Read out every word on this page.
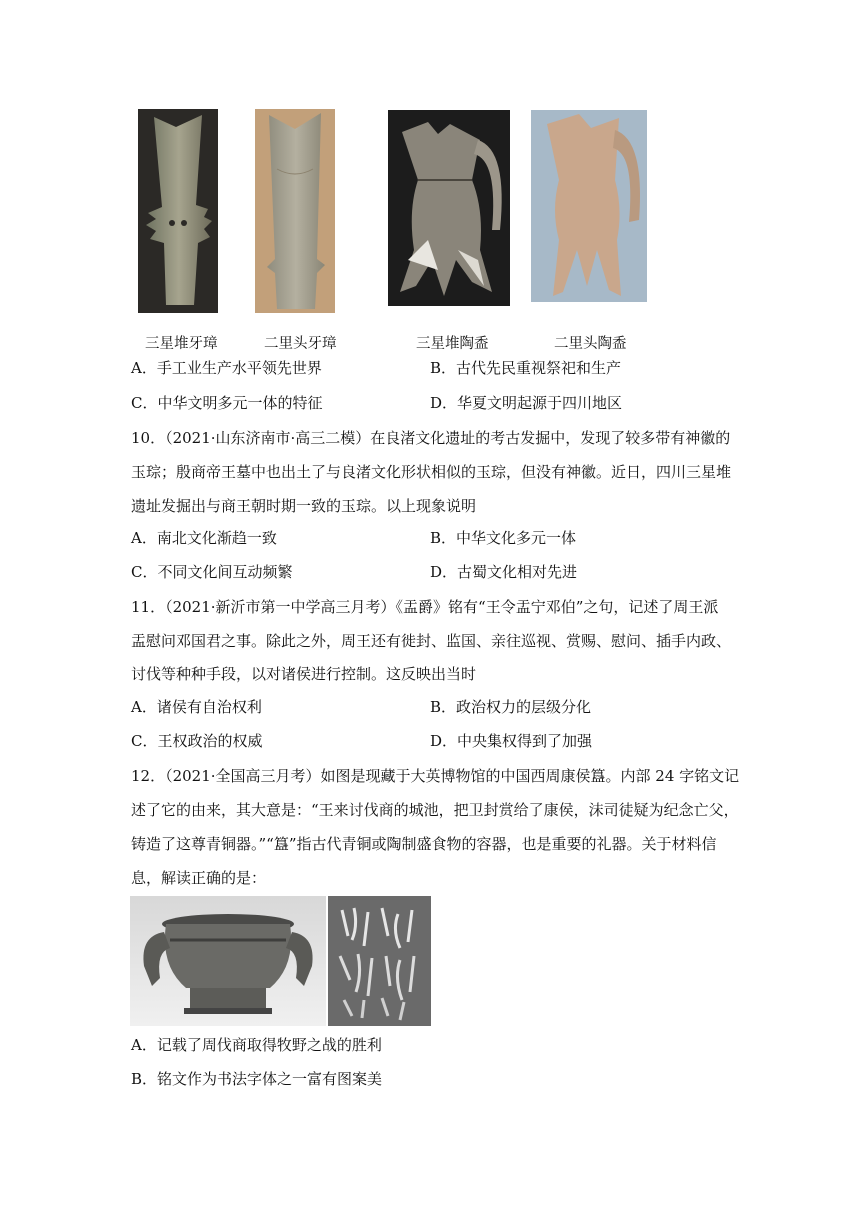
三星堆牙璋	二里头牙璋	三星堆陶盉	二里头陶盉
A．手工业生产水平领先世界	B．古代先民重视祭祀和生产
C．中华文明多元一体的特征	D．华夏文明起源于四川地区
10．（2021·山东济南市·高三二模）在良渚文化遗址的考古发掘中，发现了较多带有神徽的
玉琮；殷商帝王墓中也出土了与良渚文化形状相似的玉琮，但没有神徽。近日，四川三星堆
遗址发掘出与商王朝时期一致的玉琮。以上现象说明
A．南北文化渐趋一致	B．中华文化多元一体
C．不同文化间互动频繁	D．古蜀文化相对先进
11．（2021·新沂市第一中学高三月考）《盂爵》铭有“王令盂宁邓伯”之句，记述了周王派
盂慰问邓国君之事。除此之外，周王还有徙封、监国、亲往巡视、赏赐、慰问、插手内政、
讨伐等种种手段，以对诸侯进行控制。这反映出当时
A．诸侯有自治权利	B．政治权力的层级分化
C．王权政治的权威	D．中央集权得到了加强
12．（2021·全国高三月考）如图是现藏于大英博物馆的中国西周康侯簋。内部 24 字铭文记
述了它的由来，其大意是：“王来讨伐商的城池，把卫封赏给了康侯，沫司徒疑为纪念亡父，
铸造了这尊青铜器。”“簋”指古代青铜或陶制盛食物的容器，也是重要的礼器。关于材料信
息，解读正确的是：
A．记载了周伐商取得牧野之战的胜利
B．铭文作为书法字体之一富有图案美
